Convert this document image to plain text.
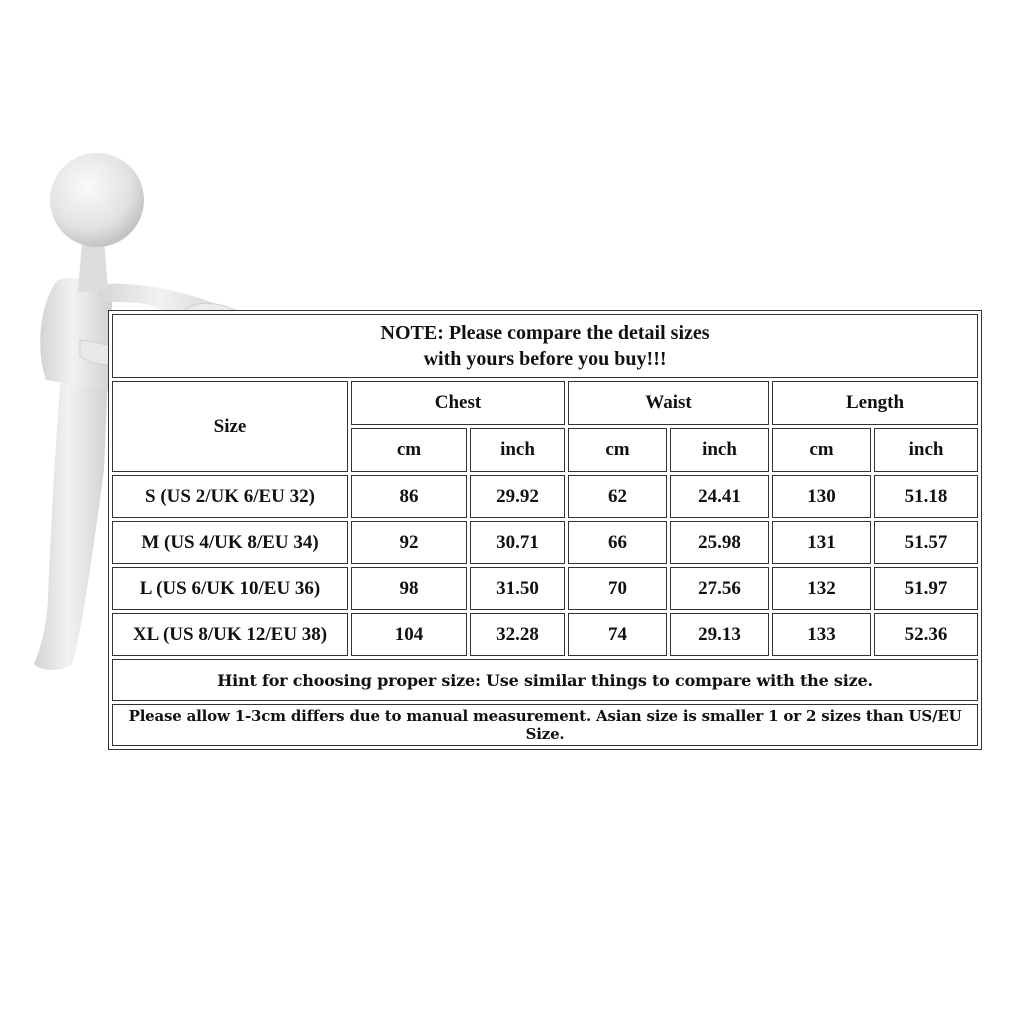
NOTE: Please compare the detail sizes
with yours before you buy!!!						

Size	Chest		Waist		Length	
	cm	inch	cm	inch	cm	inch
S (US 2/UK 6/EU 32)	86	29.92	62	24.41	130	51.18
M (US 4/UK 8/EU 34)	92	30.71	66	25.98	131	51.57
L (US 6/UK 10/EU 36)	98	31.50	70	27.56	132	51.97
XL (US 8/UK 12/EU 38)	104	32.28	74	29.13	133	52.36
Hint for choosing proper size: Use similar things to compare with the size.						
Please allow 1-3cm differs due to manual measurement. Asian size is smaller 1 or 2 sizes than US/EU Size.						
